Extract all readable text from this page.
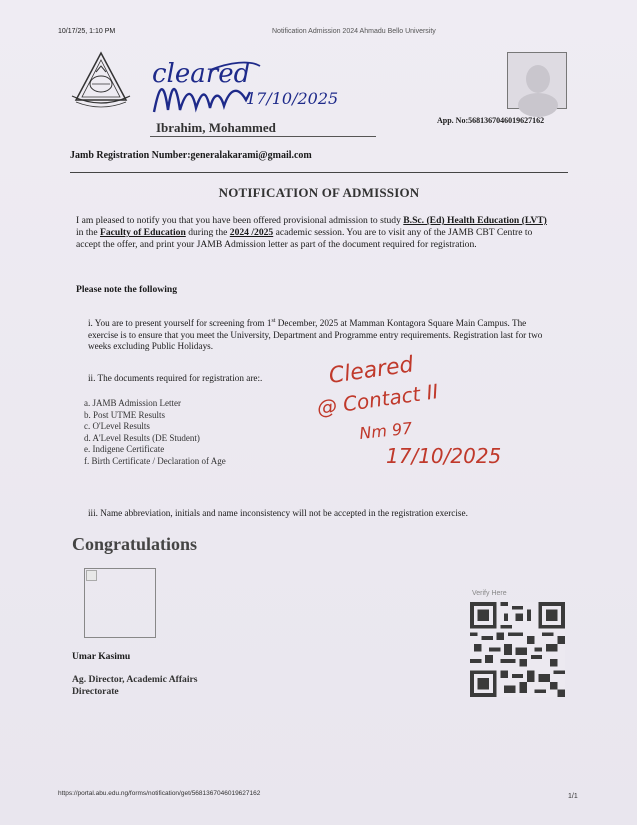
10/17/25, 1:10 PM	Notification Admission 2024 Ahmadu Bello University
cleared
17/10/2025
Ibrahim, Mohammed	App. No:5681367046019627162
Jamb Registration Number:generalakarami@gmail.com
NOTIFICATION OF ADMISSION
I am pleased to notify you that you have been offered provisional admission to study B.Sc. (Ed) Health Education (LVT) in the Faculty of Education during the 2024 /2025 academic session. You are to visit any of the JAMB CBT Centre to accept the offer, and print your JAMB Admission letter as part of the document required for registration.
Please note the following
i. You are to present yourself for screening from 1st December, 2025 at Mamman Kontagora Square Main Campus. The exercise is to ensure that you meet the University, Department and Programme entry requirements. Registration last for two weeks excluding Public Holidays.
ii. The documents required for registration are:.
a. JAMB Admission Letter
b. Post UTME Results
c. O'Level Results
d. A'Level Results (DE Student)
e. Indigene Certificate
f. Birth Certificate / Declaration of Age
Cleared
@ Contact II
Nm 97
17/10/2025
iii. Name abbreviation, initials and name inconsistency will not be accepted in the registration exercise.
Congratulations
Umar Kasimu
Ag. Director, Academic Affairs
Directorate
Verify Here
https://portal.abu.edu.ng/forms/notification/get/5681367046019627162	1/1
